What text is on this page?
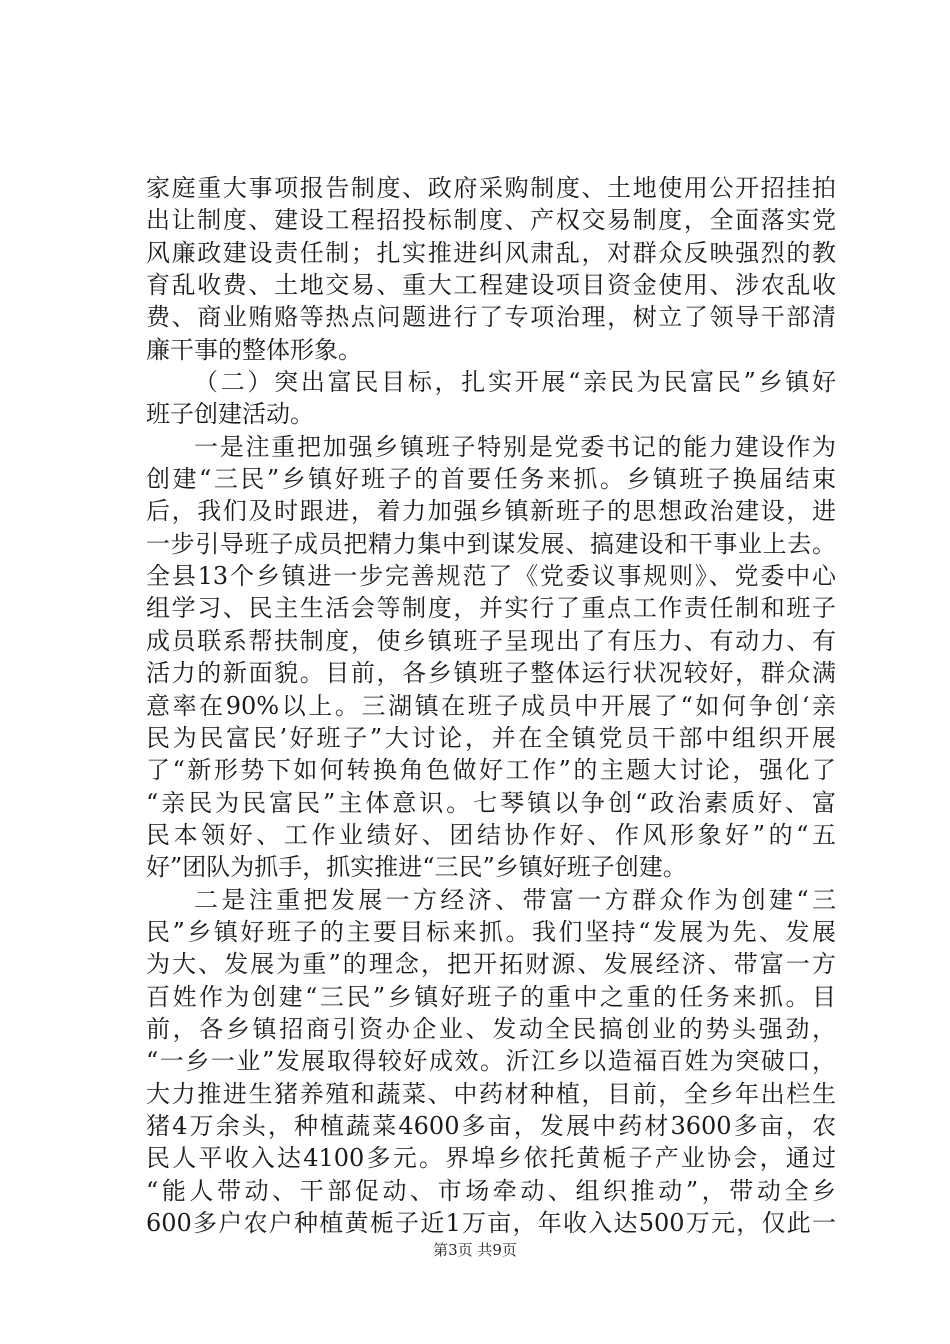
家庭重大事项报告制度、政府采购制度、土地使用公开招挂拍
出让制度、建设工程招投标制度、产权交易制度，全面落实党
风廉政建设责任制；扎实推进纠风肃乱，对群众反映强烈的教
育乱收费、土地交易、重大工程建设项目资金使用、涉农乱收
费、商业贿赂等热点问题进行了专项治理，树立了领导干部清
廉干事的整体形象。
（二）突出富民目标，扎实开展“亲民为民富民”乡镇好
班子创建活动。
一是注重把加强乡镇班子特别是党委书记的能力建设作为
创建“三民”乡镇好班子的首要任务来抓。乡镇班子换届结束
后，我们及时跟进，着力加强乡镇新班子的思想政治建设，进
一步引导班子成员把精力集中到谋发展、搞建设和干事业上去。
全县13个乡镇进一步完善规范了《党委议事规则》、党委中心
组学习、民主生活会等制度，并实行了重点工作责任制和班子
成员联系帮扶制度，使乡镇班子呈现出了有压力、有动力、有
活力的新面貌。目前，各乡镇班子整体运行状况较好，群众满
意率在90%以上。三湖镇在班子成员中开展了“如何争创‘亲
民为民富民’好班子”大讨论，并在全镇党员干部中组织开展
了“新形势下如何转换角色做好工作”的主题大讨论，强化了
“亲民为民富民”主体意识。七琴镇以争创“政治素质好、富
民本领好、工作业绩好、团结协作好、作风形象好”的“五
好”团队为抓手，抓实推进“三民”乡镇好班子创建。
二是注重把发展一方经济、带富一方群众作为创建“三
民”乡镇好班子的主要目标来抓。我们坚持“发展为先、发展
为大、发展为重”的理念，把开拓财源、发展经济、带富一方
百姓作为创建“三民”乡镇好班子的重中之重的任务来抓。目
前，各乡镇招商引资办企业、发动全民搞创业的势头强劲，
“一乡一业”发展取得较好成效。沂江乡以造福百姓为突破口，
大力推进生猪养殖和蔬菜、中药材种植，目前，全乡年出栏生
猪4万余头，种植蔬菜4600多亩，发展中药材3600多亩，农
民人平收入达4100多元。界埠乡依托黄栀子产业协会，通过
“能人带动、干部促动、市场牵动、组织推动”，带动全乡
600多户农户种植黄栀子近1万亩，年收入达500万元，仅此一
第3页 共9页
